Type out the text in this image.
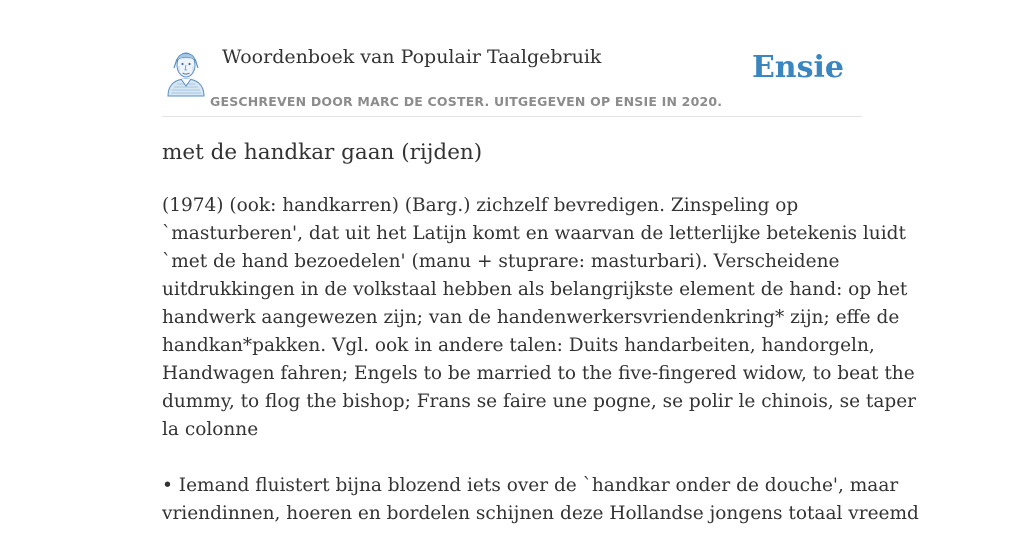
Woordenboek van Populair Taalgebruik
GESCHREVEN DOOR MARC DE COSTER. UITGEGEVEN OP ENSIE IN 2020.
Ensie
met de handkar gaan (rijden)

(1974) (ook: handkarren) (Barg.) zichzelf bevredigen. Zinspeling op
`masturberen', dat uit het Latijn komt en waarvan de letterlijke betekenis luidt
`met de hand bezoedelen' (manu + stuprare: masturbari). Verscheidene
uitdrukkingen in de volkstaal hebben als belangrijkste element de hand: op het
handwerk aangewezen zijn; van de handenwerkersvriendenkring* zijn; effe de
handkan*pakken. Vgl. ook in andere talen: Duits handarbeiten, handorgeln,
Handwagen fahren; Engels to be married to the five-fingered widow, to beat the
dummy, to flog the bishop; Frans se faire une pogne, se polir le chinois, se taper
la colonne

• Iemand fluistert bijna blozend iets over de `handkar onder de douche', maar
vriendinnen, hoeren en bordelen schijnen deze Hollandse jongens totaal vreemd
